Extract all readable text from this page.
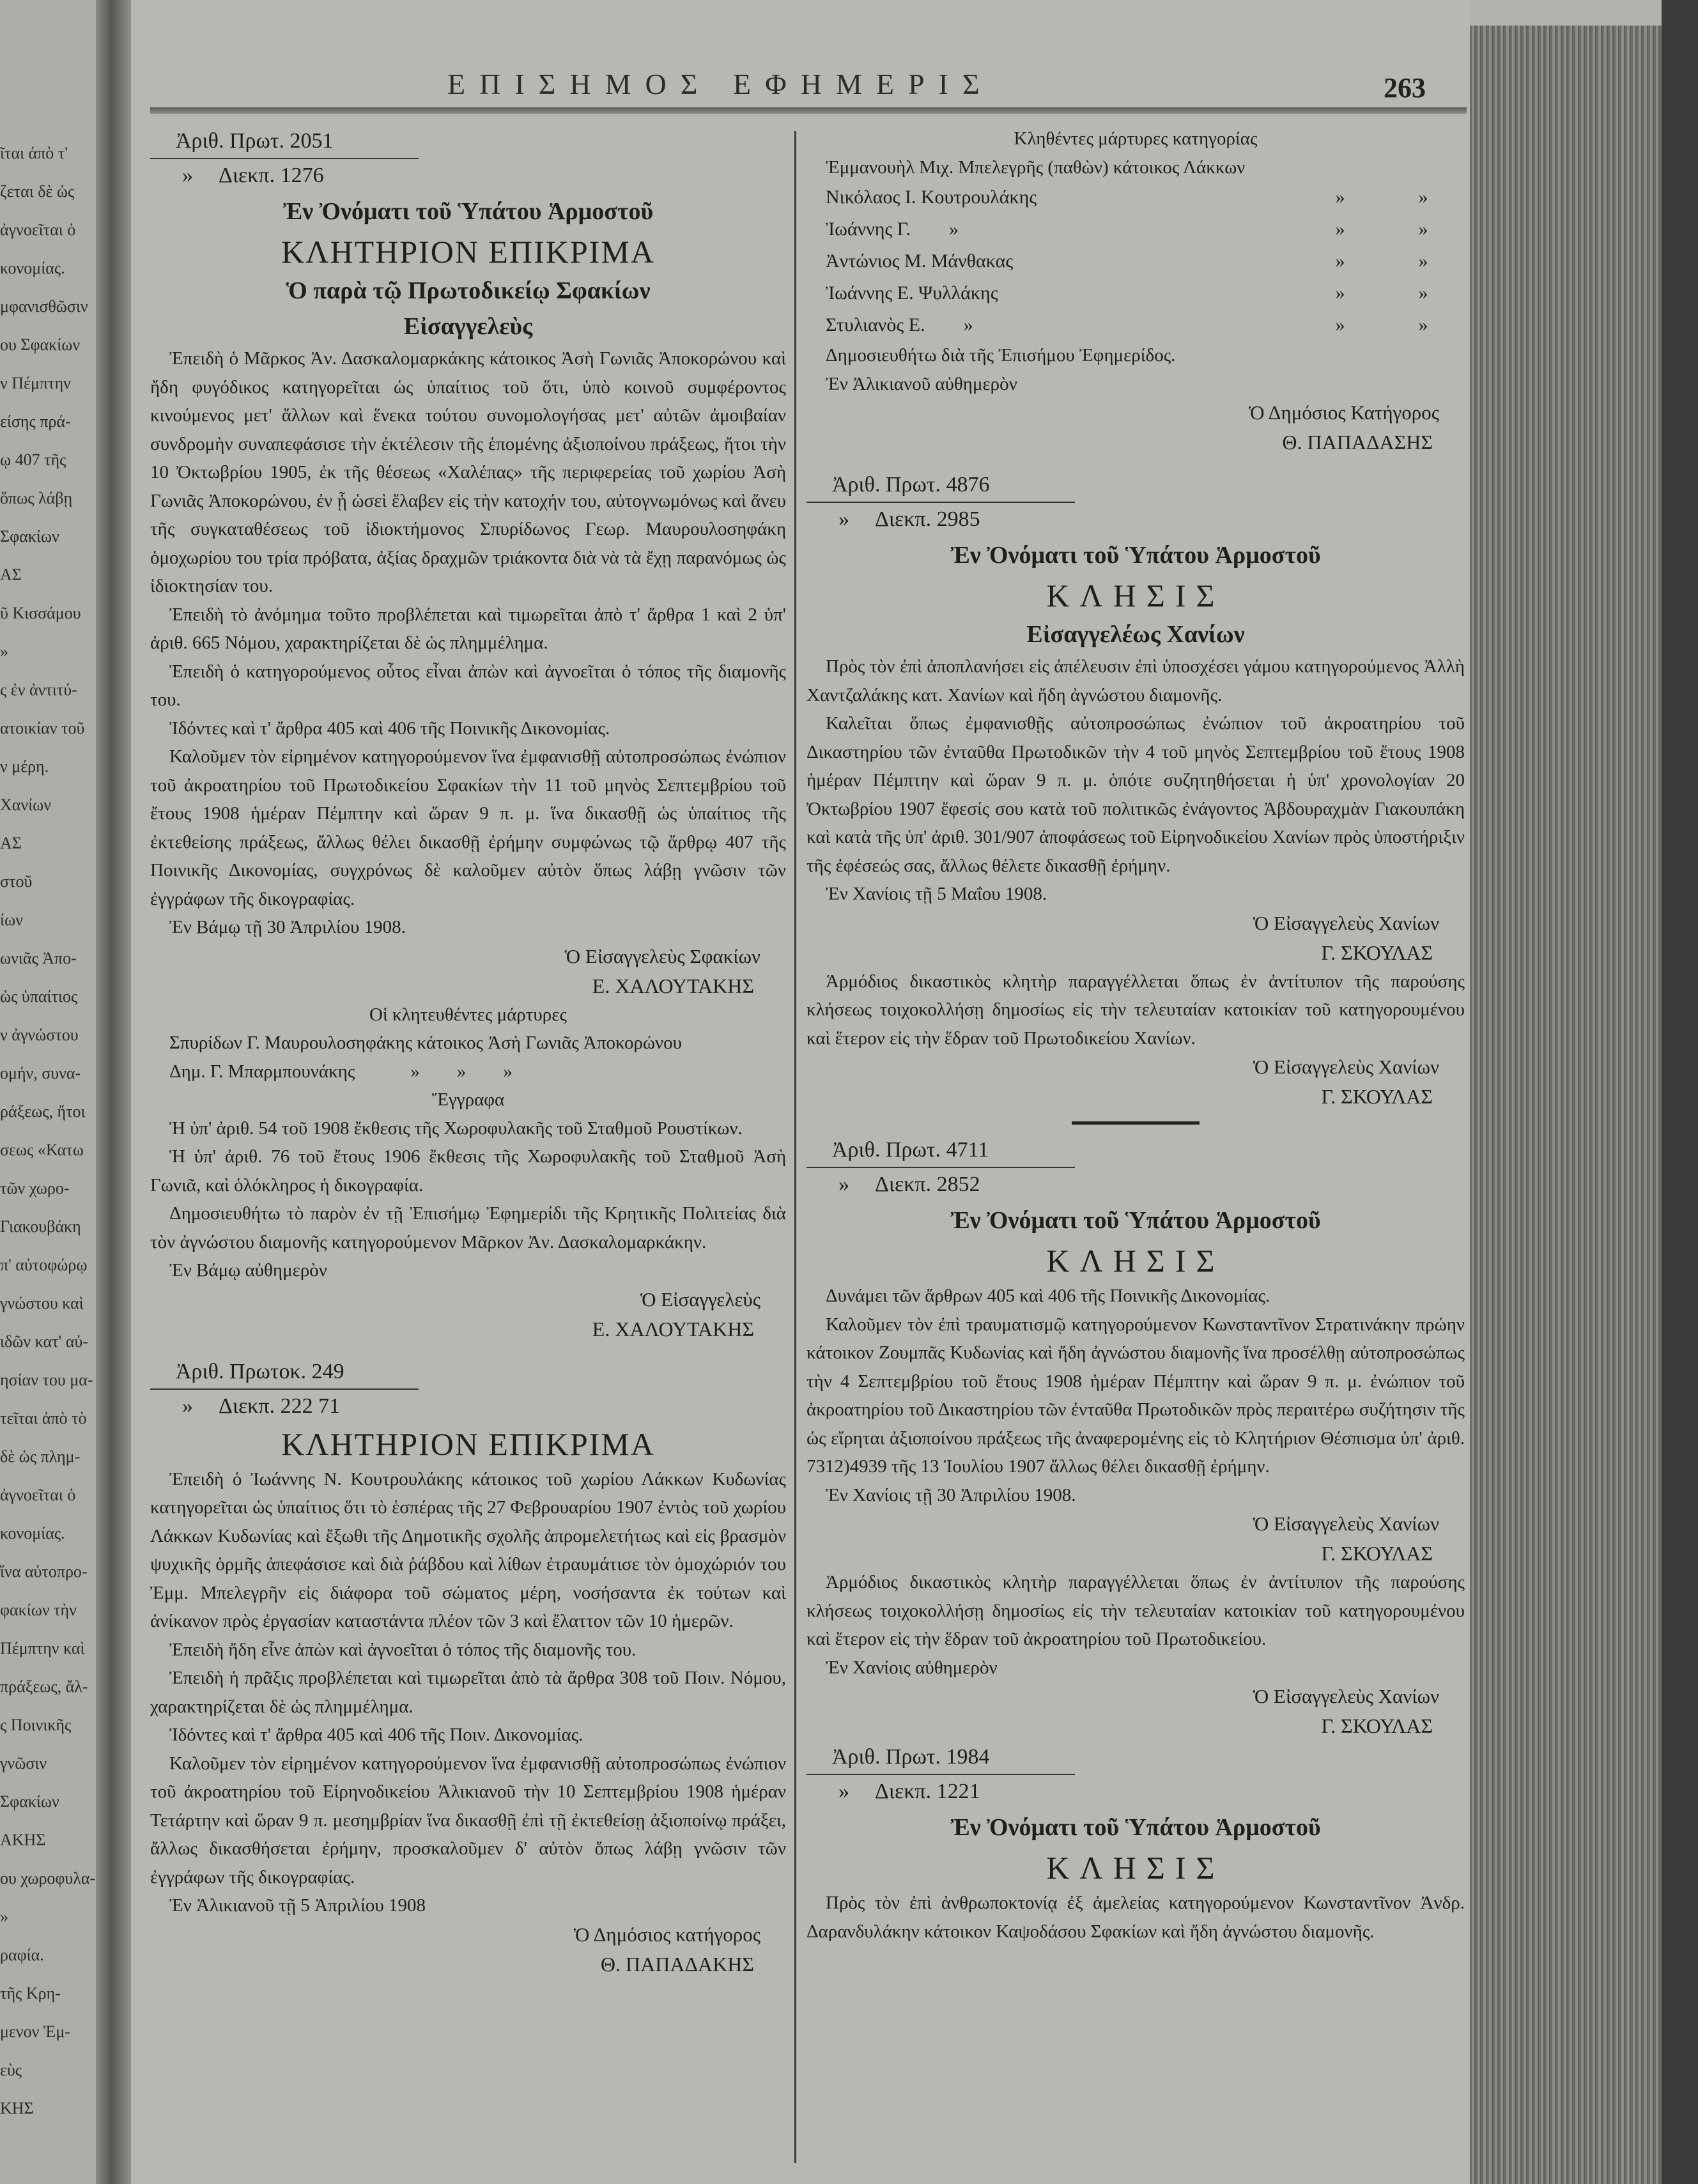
ῖται ἀπὸ τ'
ζεται δὲ ὡς
ἀγνοεῖται ὁ
κονομίας.
μφανισθῶσιν
ου Σφακίων
ν Πέμπτην
είσης πρά-
ῳ 407 τῆς
ὅπως λάβῃ
Σφακίων
ΑΣ
ῦ Κισσάμου
»
ς ἐν ἀντιτύ-
ατοικίαν τοῦ
ν μέρη.
Χανίων
ΑΣ
στοῦ
ίων
ωνιᾶς Ἀπο-
ὡς ὑπαίτιος
ν ἀγνώστου
ομήν, συνα-
ράξεως, ἤτοι
σεως «Κατω
τῶν χωρο-
Γιακουβάκη
π' αὐτοφώρῳ
γνώστου καὶ
ιδῶν κατ' αὐ-
ησίαν του μα-
τεῖται ἀπὸ τὸ
δὲ ὡς πλημ-
ἀγνοεῖται ὁ
κονομίας.
ἵνα αὐτοπρο-
φακίων τὴν
Πέμπτην καὶ
πράξεως, ἄλ-
ς Ποινικῆς
γνῶσιν
Σφακίων
ΑΚΗΣ
ου χωροφυλα-
»
ραφία.
τῆς Κρη-
μενον Ἐμ-
εὺς
ΚΗΣ
ΕΠΙΣΗΜΟΣ ΕΦΗΜΕΡΙΣ	263
Ἀριθ. Πρωτ. 2051
» Διεκπ. 1276
Ἐν Ὀνόματι τοῦ Ὑπάτου Ἁρμοστοῦ
ΚΛΗΤΗΡΙΟΝ ΕΠΙΚΡΙΜΑ
Ὁ παρὰ τῷ Πρωτοδικείῳ Σφακίων
Εἰσαγγελεὺς

Ἐπειδὴ ὁ Μᾶρκος Ἀν. Δασκαλομαρκάκης κάτοικος Ἀσὴ Γωνιᾶς Ἀποκορώνου καὶ ἤδη φυγόδικος κατηγορεῖται ὡς ὑπαίτιος τοῦ ὅτι, ὑπὸ κοινοῦ συμφέροντος κινούμενος μετ' ἄλλων καὶ ἕνεκα τούτου συνομολογήσας μετ' αὐτῶν ἀμοιβαίαν συνδρομὴν συναπεφάσισε τὴν ἐκτέλεσιν τῆς ἑπομένης ἀξιοποίνου πράξεως, ἤτοι τὴν 10 Ὀκτωβρίου 1905, ἐκ τῆς θέσεως «Χαλέπας» τῆς περιφερείας τοῦ χωρίου Ἀσὴ Γωνιᾶς Ἀποκορώνου, ἐν ᾗ ὡσεὶ ἔλαβεν εἰς τὴν κατοχήν του, αὐτογνωμόνως καὶ ἄνευ τῆς συγκαταθέσεως τοῦ ἰδιοκτήμονος Σπυρίδωνος Γεωρ. Μαυρουλοσηφάκη ὁμοχωρίου του τρία πρόβατα, ἀξίας δραχμῶν τριάκοντα διὰ νὰ τὰ ἔχῃ παρανόμως ὡς ἰδιοκτησίαν του.

Ἐπειδὴ τὸ ἀνόμημα τοῦτο προβλέπεται καὶ τιμωρεῖται ἀπὸ τ' ἄρθρα 1 καὶ 2 ὑπ' ἀριθ. 665 Νόμου, χαρακτηρίζεται δὲ ὡς πλημμέλημα.

Ἐπειδὴ ὁ κατηγορούμενος οὗτος εἶναι ἀπὼν καὶ ἀγνοεῖται ὁ τόπος τῆς διαμονῆς του.

Ἰδόντες καὶ τ' ἄρθρα 405 καὶ 406 τῆς Ποινικῆς Δικονομίας.

Καλοῦμεν τὸν εἰρημένον κατηγορούμενον ἵνα ἐμφανισθῇ αὐτοπροσώπως ἐνώπιον τοῦ ἀκροατηρίου τοῦ Πρωτοδικείου Σφακίων τὴν 11 τοῦ μηνὸς Σεπτεμβρίου τοῦ ἔτους 1908 ἡμέραν Πέμπτην καὶ ὥραν 9 π. μ. ἵνα δικασθῇ ὡς ὑπαίτιος τῆς ἐκτεθείσης πράξεως, ἄλλως θέλει δικασθῇ ἐρήμην συμφώνως τῷ ἄρθρῳ 407 τῆς Ποινικῆς Δικονομίας, συγχρόνως δὲ καλοῦμεν αὐτὸν ὅπως λάβῃ γνῶσιν τῶν ἐγγράφων τῆς δικογραφίας.

Ἐν Βάμῳ τῇ 30 Ἀπριλίου 1908.

Ὁ Εἰσαγγελεὺς Σφακίων
Ε. ΧΑΛΟΥΤΑΚΗΣ

Οἱ κλητευθέντες μάρτυρες

Σπυρίδων Γ. Μαυρουλοσηφάκης κάτοικος Ἀσὴ Γωνιᾶς Ἀποκορώνου

Δημ. Γ. Μπαρμπουνάκης            »        »        »

Ἔγγραφα

Ἡ ὑπ' ἀριθ. 54 τοῦ 1908 ἔκθεσις τῆς Χωροφυλακῆς τοῦ Σταθμοῦ Ρουστίκων.

Ἡ ὑπ' ἀριθ. 76 τοῦ ἔτους 1906 ἔκθεσις τῆς Χωροφυλακῆς τοῦ Σταθμοῦ Ἀσὴ Γωνιᾶ, καὶ ὁλόκληρος ἡ δικογραφία.

Δημοσιευθήτω τὸ παρὸν ἐν τῇ Ἐπισήμῳ Ἐφημερίδι τῆς Κρητικῆς Πολιτείας διὰ τὸν ἀγνώστου διαμονῆς κατηγορούμενον Μᾶρκον Ἀν. Δασκαλομαρκάκην.

Ἐν Βάμῳ αὐθημερὸν

Ὁ Εἰσαγγελεὺς
Ε. ΧΑΛΟΥΤΑΚΗΣ
Ἀριθ. Πρωτοκ. 249
» Διεκπ. 222 71
ΚΛΗΤΗΡΙΟΝ ΕΠΙΚΡΙΜΑ

Ἐπειδὴ ὁ Ἰωάννης Ν. Κουτρουλάκης κάτοικος τοῦ χωρίου Λάκκων Κυδωνίας κατηγορεῖται ὡς ὑπαίτιος ὅτι τὸ ἑσπέρας τῆς 27 Φεβρουαρίου 1907 ἐντὸς τοῦ χωρίου Λάκκων Κυδωνίας καὶ ἔξωθι τῆς Δημοτικῆς σχολῆς ἀπρομελετήτως καὶ εἰς βρασμὸν ψυχικῆς ὁρμῆς ἀπεφάσισε καὶ διὰ ῥάβδου καὶ λίθων ἐτραυμάτισε τὸν ὁμοχώριόν του Ἐμμ. Μπελεγρῆν εἰς διάφορα τοῦ σώματος μέρη, νοσήσαντα ἐκ τούτων καὶ ἀνίκανον πρὸς ἐργασίαν καταστάντα πλέον τῶν 3 καὶ ἔλαττον τῶν 10 ἡμερῶν.

Ἐπειδὴ ἤδη εἶνε ἀπὼν καὶ ἀγνοεῖται ὁ τόπος τῆς διαμονῆς του.

Ἐπειδὴ ἡ πρᾶξις προβλέπεται καὶ τιμωρεῖται ἀπὸ τὰ ἄρθρα 308 τοῦ Ποιν. Νόμου, χαρακτηρίζεται δὲ ὡς πλημμέλημα.

Ἰδόντες καὶ τ' ἄρθρα 405 καὶ 406 τῆς Ποιν. Δικονομίας.

Καλοῦμεν τὸν εἰρημένον κατηγορούμενον ἵνα ἐμφανισθῇ αὐτοπροσώπως ἐνώπιον τοῦ ἀκροατηρίου τοῦ Εἰρηνοδικείου Ἀλικιανοῦ τὴν 10 Σεπτεμβρίου 1908 ἡμέραν Τετάρτην καὶ ὥραν 9 π. μεσημβρίαν ἵνα δικασθῇ ἐπὶ τῇ ἐκτεθείσῃ ἀξιοποίνῳ πράξει, ἄλλως δικασθήσεται ἐρήμην, προσκαλοῦμεν δ' αὐτὸν ὅπως λάβῃ γνῶσιν τῶν ἐγγράφων τῆς δικογραφίας.

Ἐν Ἀλικιανοῦ τῇ 5 Ἀπριλίου 1908

Ὁ Δημόσιος κατήγορος
Θ. ΠΑΠΑΔΑΚΗΣ

Κληθέντες μάρτυρες κατηγορίας

Ἐμμανουὴλ Μιχ. Μπελεγρῆς (παθὼν) κάτοικος Λάκκων

Νικόλαος Ι. Κουτρουλάκης	»	»
Ἰωάννης Γ.        »	»	»
Ἀντώνιος Μ. Μάνθακας	»	»
Ἰωάννης Ε. Ψυλλάκης	»	»
Στυλιανὸς Ε.        »	»	»

Δημοσιευθήτω διὰ τῆς Ἐπισήμου Ἐφημερίδος.

Ἐν Ἀλικιανοῦ αὐθημερὸν

Ὁ Δημόσιος Κατήγορος
Θ. ΠΑΠΑΔΑΣΗΣ
Ἀριθ. Πρωτ. 4876
» Διεκπ. 2985
Ἐν Ὀνόματι τοῦ Ὑπάτου Ἁρμοστοῦ
ΚΛΗΣΙΣ
Εἰσαγγελέως Χανίων

Πρὸς τὸν ἐπὶ ἀποπλανήσει εἰς ἀπέλευσιν ἐπὶ ὑποσχέσει γάμου κατηγορούμενος Ἀλλὴ Χαντζαλάκης κατ. Χανίων καὶ ἤδη ἀγνώστου διαμονῆς.

Καλεῖται ὅπως ἐμφανισθῇς αὐτοπροσώπως ἐνώπιον τοῦ ἀκροατηρίου τοῦ Δικαστηρίου τῶν ἐνταῦθα Πρωτοδικῶν τὴν 4 τοῦ μηνὸς Σεπτεμβρίου τοῦ ἔτους 1908 ἡμέραν Πέμπτην καὶ ὥραν 9 π. μ. ὁπότε συζητηθήσεται ἡ ὑπ' χρονολογίαν 20 Ὀκτωβρίου 1907 ἔφεσίς σου κατὰ τοῦ πολιτικῶς ἐνάγοντος Ἀβδουραχμὰν Γιακουπάκη καὶ κατὰ τῆς ὑπ' ἀριθ. 301/907 ἀποφάσεως τοῦ Εἰρηνοδικείου Χανίων πρὸς ὑποστήριξιν τῆς ἐφέσεώς σας, ἄλλως θέλετε δικασθῇ ἐρήμην.

Ἐν Χανίοις τῇ 5 Μαΐου 1908.

Ὁ Εἰσαγγελεὺς Χανίων
Γ. ΣΚΟΥΛΑΣ

Ἁρμόδιος δικαστικὸς κλητὴρ παραγγέλλεται ὅπως ἐν ἀντίτυπον τῆς παρούσης κλήσεως τοιχοκολλήσῃ δημοσίως εἰς τὴν τελευταίαν κατοικίαν τοῦ κατηγορουμένου καὶ ἕτερον εἰς τὴν ἕδραν τοῦ Πρωτοδικείου Χανίων.

Ὁ Εἰσαγγελεὺς Χανίων
Γ. ΣΚΟΥΛΑΣ
Ἀριθ. Πρωτ. 4711
» Διεκπ. 2852
Ἐν Ὀνόματι τοῦ Ὑπάτου Ἁρμοστοῦ
ΚΛΗΣΙΣ

Δυνάμει τῶν ἄρθρων 405 καὶ 406 τῆς Ποινικῆς Δικονομίας.

Καλοῦμεν τὸν ἐπὶ τραυματισμῷ κατηγορούμενον Κωνσταντῖνον Στρατινάκην πρώην κάτοικον Ζουμπᾶς Κυδωνίας καὶ ἤδη ἀγνώστου διαμονῆς ἵνα προσέλθῃ αὐτοπροσώπως τὴν 4 Σεπτεμβρίου τοῦ ἔτους 1908 ἡμέραν Πέμπτην καὶ ὥραν 9 π. μ. ἐνώπιον τοῦ ἀκροατηρίου τοῦ Δικαστηρίου τῶν ἐνταῦθα Πρωτοδικῶν πρὸς περαιτέρω συζήτησιν τῆς ὡς εἴρηται ἀξιοποίνου πράξεως τῆς ἀναφερομένης εἰς τὸ Κλητήριον Θέσπισμα ὑπ' ἀριθ. 7312)4939 τῆς 13 Ἰουλίου 1907 ἄλλως θέλει δικασθῇ ἐρήμην.

Ἐν Χανίοις τῇ 30 Ἀπριλίου 1908.

Ὁ Εἰσαγγελεὺς Χανίων
Γ. ΣΚΟΥΛΑΣ

Ἁρμόδιος δικαστικὸς κλητὴρ παραγγέλλεται ὅπως ἐν ἀντίτυπον τῆς παρούσης κλήσεως τοιχοκολλήσῃ δημοσίως εἰς τὴν τελευταίαν κατοικίαν τοῦ κατηγορουμένου καὶ ἕτερον εἰς τὴν ἕδραν τοῦ ἀκροατηρίου τοῦ Πρωτοδικείου.

Ἐν Χανίοις αὐθημερὸν

Ὁ Εἰσαγγελεὺς Χανίων
Γ. ΣΚΟΥΛΑΣ
Ἀριθ. Πρωτ. 1984
» Διεκπ. 1221
Ἐν Ὀνόματι τοῦ Ὑπάτου Ἁρμοστοῦ
ΚΛΗΣΙΣ

Πρὸς τὸν ἐπὶ ἀνθρωποκτονίᾳ ἐξ ἀμελείας κατηγορούμενον Κωνσταντῖνον Ἀνδρ. Δαρανδυλάκην κάτοικον Καψοδάσου Σφακίων καὶ ἤδη ἀγνώστου διαμονῆς.
